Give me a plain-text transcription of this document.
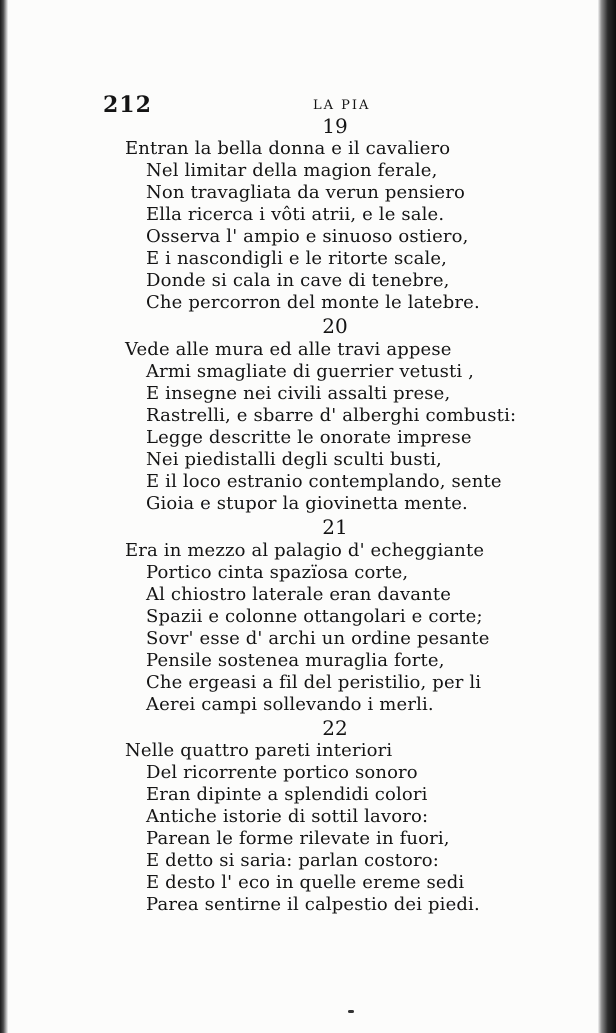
212	LA PIA
19
Entran la bella donna e il cavaliero
Nel limitar della magion ferale,
Non travagliata da verun pensiero
Ella ricerca i vôti atrii, e le sale.
Osserva l' ampio e sinuoso ostiero,
E i nascondigli e le ritorte scale,
Donde si cala in cave di tenebre,
Che percorron del monte le latebre.
20
Vede alle mura ed alle travi appese
Armi smagliate di guerrier vetusti ,
E insegne nei civili assalti prese,
Rastrelli, e sbarre d' alberghi combusti:
Legge descritte le onorate imprese
Nei piedistalli degli sculti busti,
E il loco estranio contemplando, sente
Gioia e stupor la giovinetta mente.
21
Era in mezzo al palagio d' echeggiante
Portico cinta spazïosa corte,
Al chiostro laterale eran davante
Spazii e colonne ottangolari e corte;
Sovr' esse d' archi un ordine pesante
Pensile sostenea muraglia forte,
Che ergeasi a fil del peristilio, per li
Aerei campi sollevando i merli.
22
Nelle quattro pareti interiori
Del ricorrente portico sonoro
Eran dipinte a splendidi colori
Antiche istorie di sottil lavoro:
Parean le forme rilevate in fuori,
E detto si saria: parlan costoro:
E desto l' eco in quelle ereme sedi
Parea sentirne il calpestio dei piedi.
